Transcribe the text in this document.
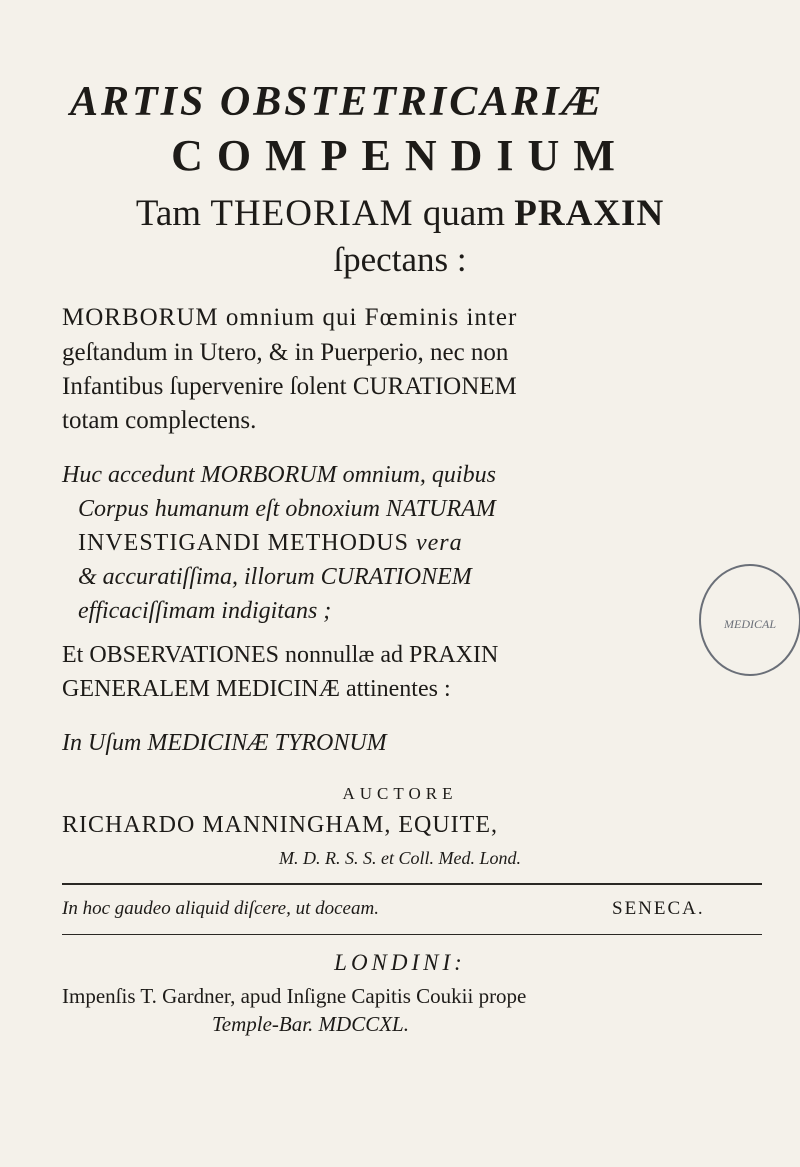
ARTIS OBSTETRICARIÆ
COMPENDIUM
Tam THEORIAM quam PRAXIN
ſpectans :
MORBORUM omnium qui Fœminis inter
geſtandum in Utero, & in Puerperio, nec non
Infantibus ſupervenire ſolent CURATIONEM
totam complectens.
Huc accedunt MORBORUM omnium, quibus
Corpus humanum eſt obnoxium NATURAM
INVESTIGANDI METHODUS vera
& accuratiſſima, illorum CURATIONEM
efficaciſſimam indigitans ;
Et OBSERVATIONES nonnullæ ad PRAXIN
GENERALEM MEDICINÆ attinentes :
In Uſum MEDICINÆ TYRONUM
AUCTORE
RICHARDO MANNINGHAM, EQUITE,
M. D. R. S. S. et Coll. Med. Lond.
In hoc gaudeo aliquid diſcere, ut doceam.	SENECA.
LONDINI:
Impenſis T. Gardner, apud Inſigne Capitis Coukii prope
Temple-Bar. MDCCXL.
MEDICAL
